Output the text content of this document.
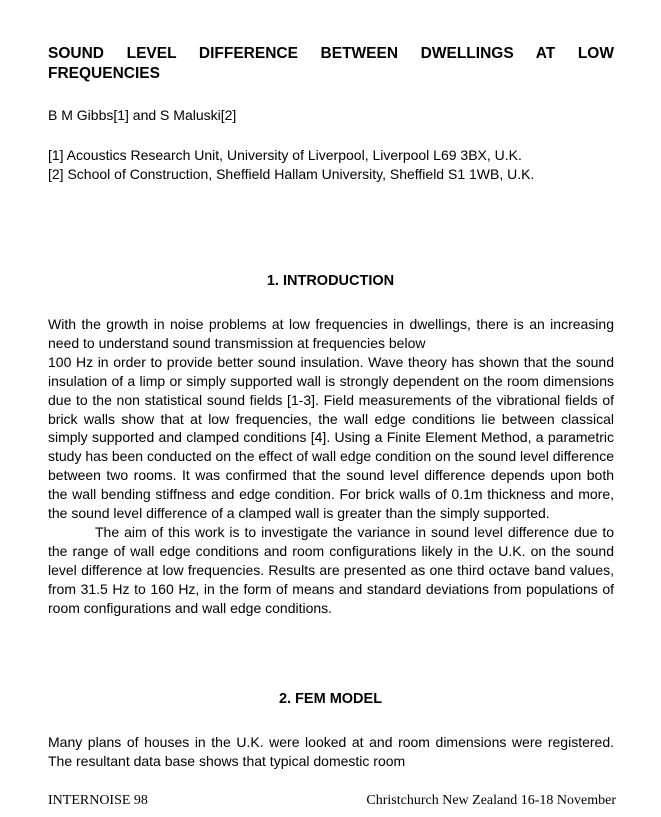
SOUND LEVEL DIFFERENCE BETWEEN DWELLINGS AT LOW FREQUENCIES
B M Gibbs[1] and S Maluski[2]
[1] Acoustics Research Unit, University of Liverpool, Liverpool L69 3BX, U.K.
[2] School of Construction, Sheffield Hallam University, Sheffield S1 1WB, U.K.
1. INTRODUCTION

With the growth in noise problems at low frequencies in dwellings, there is an increasing need to understand sound transmission at frequencies below

100 Hz in order to provide better sound insulation. Wave theory has shown that the sound insulation of a limp or simply supported wall is strongly dependent on the room dimensions due to the non statistical sound fields [1-3]. Field measurements of the vibrational fields of brick walls show that at low frequencies, the wall edge conditions lie between classical simply supported and clamped conditions [4]. Using a Finite Element Method, a parametric study has been conducted on the effect of wall edge condition on the sound level difference between two rooms. It was confirmed that the sound level difference depends upon both the wall bending stiffness and edge condition. For brick walls of 0.1m thickness and more, the sound level difference of a clamped wall is greater than the simply supported.

The aim of this work is to investigate the variance in sound level difference due to the range of wall edge conditions and room configurations likely in the U.K. on the sound level difference at low frequencies. Results are presented as one third octave band values, from 31.5 Hz to 160 Hz, in the form of means and standard deviations from populations of room configurations and wall edge conditions.

2. FEM MODEL

Many plans of houses in the U.K. were looked at and room dimensions were registered. The resultant data base shows that typical domestic room

INTERNOISE 98	Christchurch New Zealand 16-18 November
